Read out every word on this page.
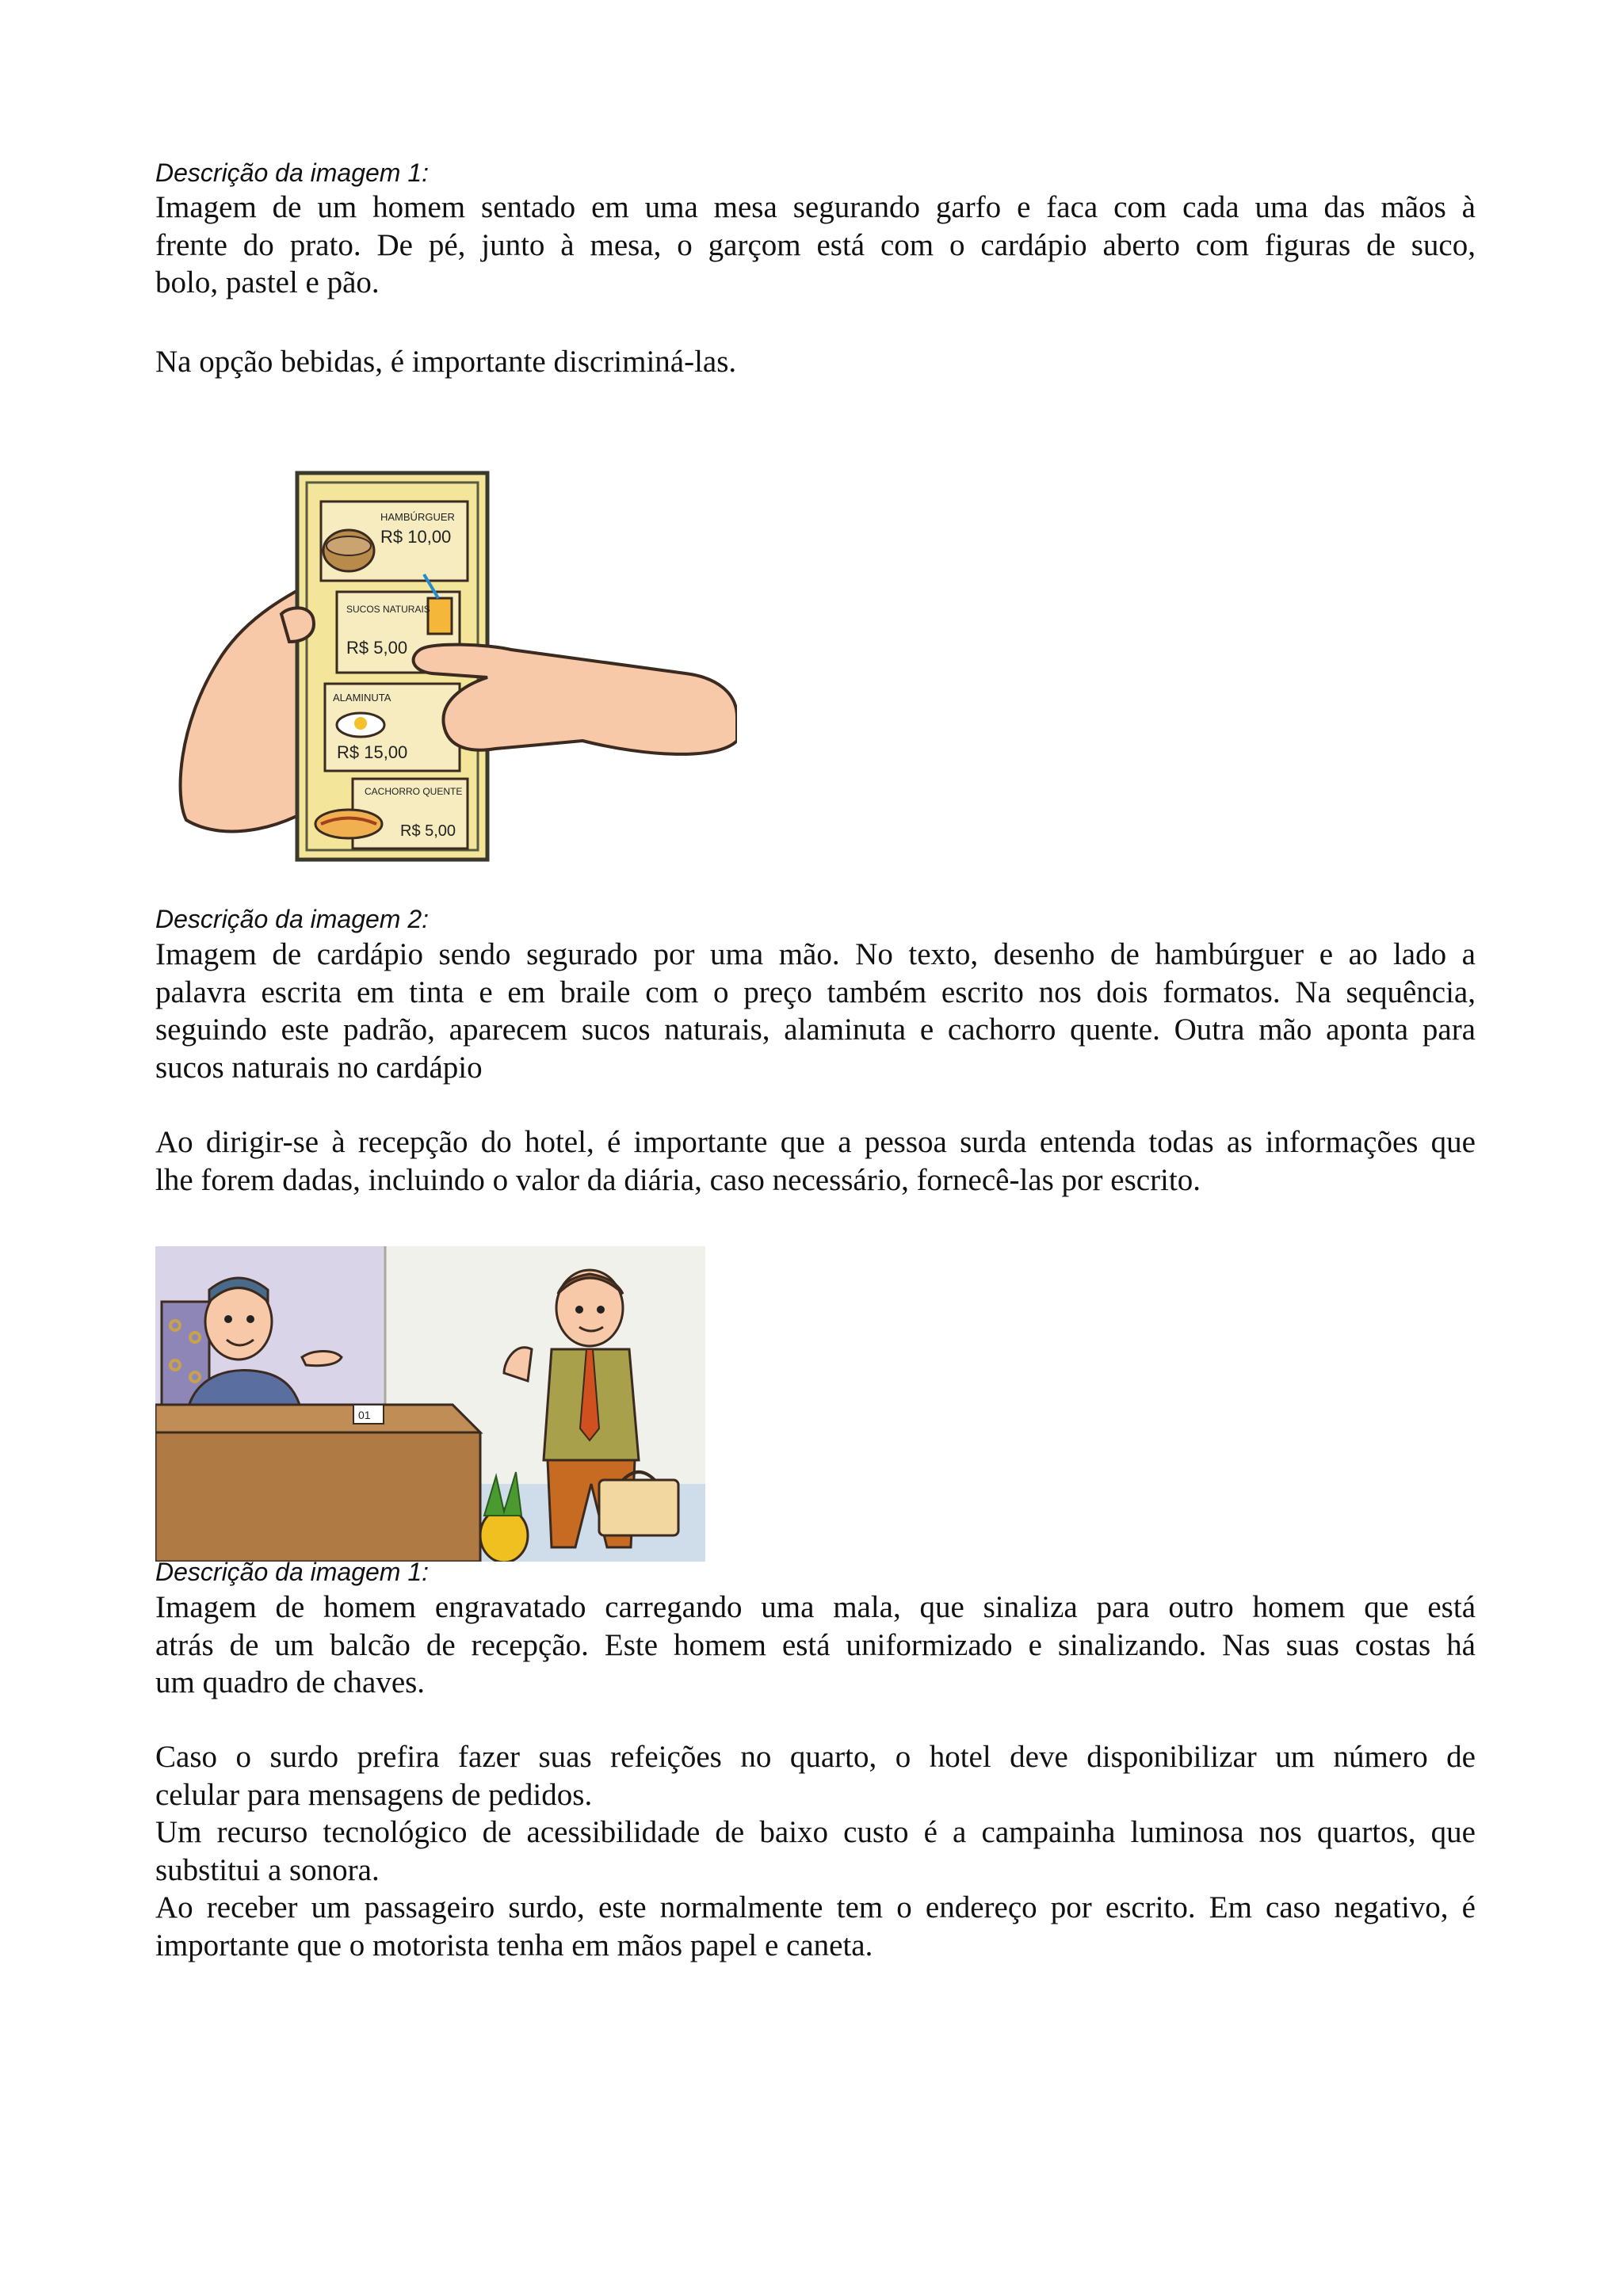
Descrição da imagem 1:

Imagem de um homem sentado em uma mesa segurando garfo e faca com cada uma das mãos à
frente do prato. De pé, junto à mesa, o garçom está com o cardápio aberto com figuras de suco,
bolo, pastel e pão.

Na opção bebidas, é importante discriminá-las.

HAMBÚRGUER
R$ 10,00
SUCOS NATURAIS
R$ 5,00
ALAMINUTA
R$ 15,00
CACHORRO QUENTE
R$ 5,00

Descrição da imagem 2:

Imagem de cardápio sendo segurado por uma mão. No texto, desenho de hambúrguer e ao lado a
palavra escrita em tinta e em braile com o preço também escrito nos dois formatos. Na sequência,
seguindo este padrão, aparecem sucos naturais, alaminuta e cachorro quente. Outra mão aponta para
sucos naturais no cardápio

Ao dirigir-se à recepção do hotel, é importante que a pessoa surda entenda todas as informações que
lhe forem dadas, incluindo o valor da diária, caso necessário, fornecê-las por escrito.

01

Descrição da imagem 1:

Imagem de homem engravatado carregando uma mala, que sinaliza para outro homem que está
atrás de um balcão de recepção. Este homem está uniformizado e sinalizando. Nas suas costas há
um quadro de chaves.

Caso o surdo prefira fazer suas refeições no quarto, o hotel deve disponibilizar um número de
celular para mensagens de pedidos.
Um recurso tecnológico de acessibilidade de baixo custo é a campainha luminosa nos quartos, que
substitui a sonora.
Ao receber um passageiro surdo, este normalmente tem o endereço por escrito. Em caso negativo, é
importante que o motorista tenha em mãos papel e caneta.
